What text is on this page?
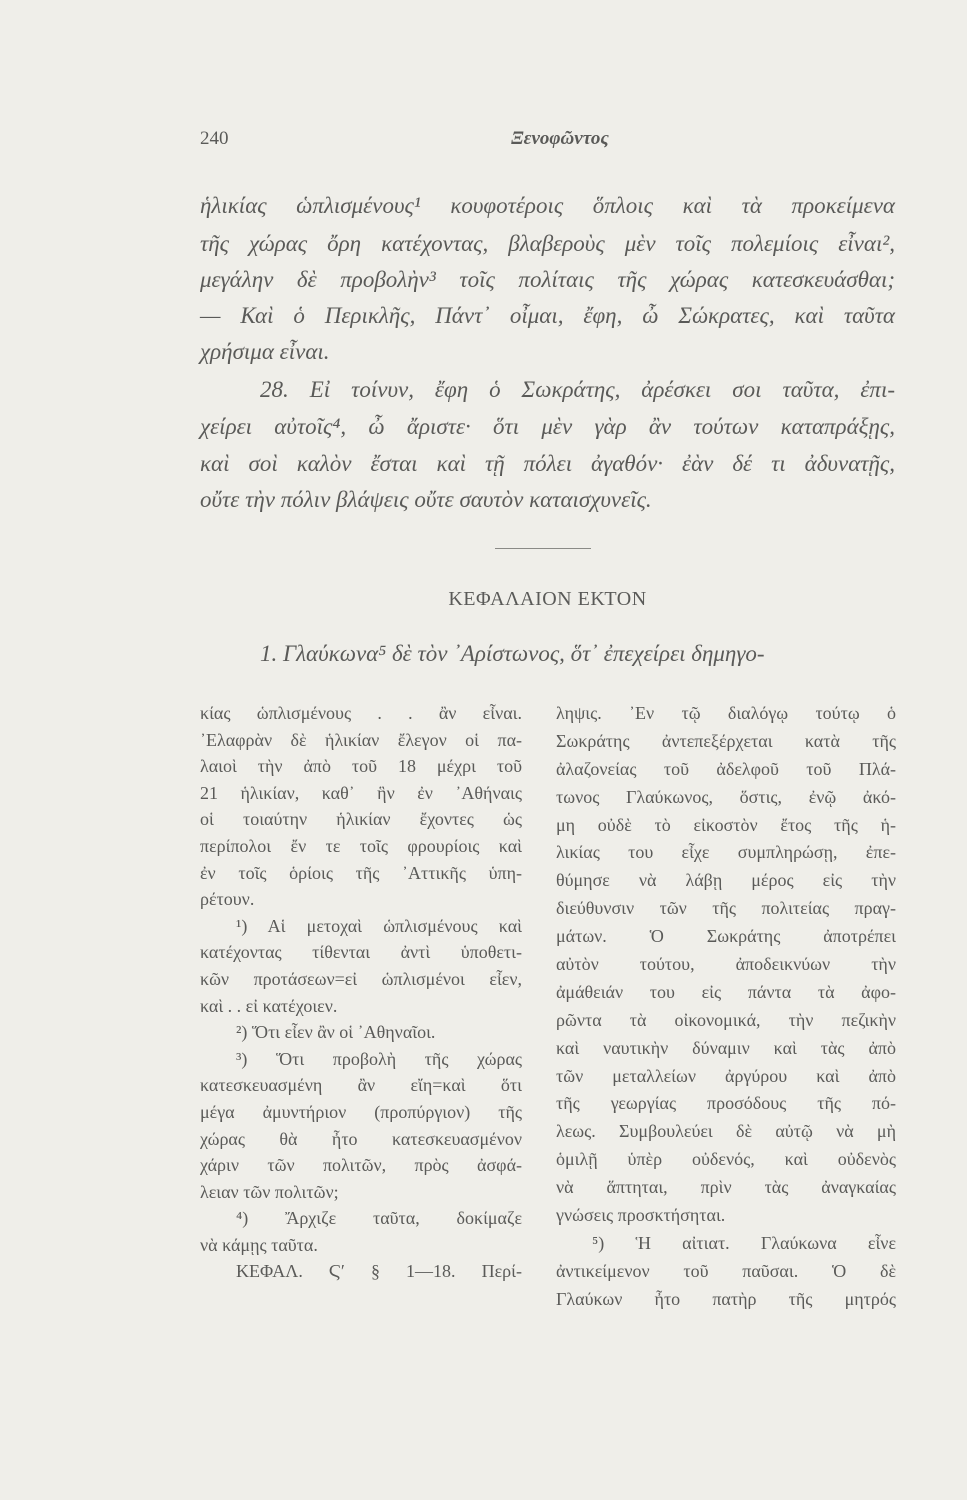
240	Ξενοφῶντος
ἡλικίας ὡπλισμένους¹ κουφοτέροις ὅπλοις καὶ τὰ προκείμενα
τῆς χώρας ὄρη κατέχοντας, βλαβεροὺς μὲν τοῖς πολεμίοις εἶναι²,
μεγάλην δὲ προβολὴν³ τοῖς πολίταις τῆς χώρας κατεσκευάσθαι;
— Καὶ ὁ Περικλῆς, Πάντ᾿ οἶμαι, ἔφη, ὦ Σώκρατες, καὶ ταῦτα
χρήσιμα εἶναι.
28. Εἰ τοίνυν, ἔφη ὁ Σωκράτης, ἀρέσκει σοι ταῦτα, ἐπι-
χείρει αὐτοῖς⁴, ὦ ἄριστε· ὅτι μὲν γὰρ ἂν τούτων καταπράξῃς,
καὶ σοὶ καλὸν ἔσται καὶ τῇ πόλει ἀγαθόν· ἐὰν δέ τι ἀδυνατῇς,
οὔτε τὴν πόλιν βλάψεις οὔτε σαυτὸν καταισχυνεῖς.
ΚΕΦΑΛΑΙΟΝ ΕΚΤΟΝ
1. Γλαύκωνα⁵ δὲ τὸν ᾿Αρίστωνος, ὅτ᾿ ἐπεχείρει δημηγο-
κίας ὡπλισμένους . . ἂν εἶναι.
᾿Ελαφρὰν δὲ ἡλικίαν ἔλεγον οἱ πα-
λαιοὶ τὴν ἀπὸ τοῦ 18 μέχρι τοῦ
21 ἡλικίαν, καθ᾿ ἣν ἐν ᾿Αθήναις
οἱ τοιαύτην ἡλικίαν ἔχοντες ὡς
περίπολοι ἔν τε τοῖς φρουρίοις καὶ
ἐν τοῖς ὁρίοις τῆς ᾿Αττικῆς ὑπη-
ρέτουν.
¹) Αἱ μετοχαὶ ὡπλισμένους καὶ
κατέχοντας τίθενται ἀντὶ ὑποθετι-
κῶν προτάσεων=εἰ ὡπλισμένοι εἶεν,
καὶ . . εἰ κατέχοιεν.
²) Ὅτι εἶεν ἂν οἱ ᾿Αθηναῖοι.
³) Ὅτι προβολὴ τῆς χώρας
κατεσκευασμένη ἂν εἴη=καὶ ὅτι
μέγα ἀμυντήριον (προπύργιον) τῆς
χώρας θὰ ἦτο κατεσκευασμένον
χάριν τῶν πολιτῶν, πρὸς ἀσφά-
λειαν τῶν πολιτῶν;
⁴) Ἄρχιζε ταῦτα, δοκίμαζε
νὰ κάμῃς ταῦτα.
ΚΕΦΑΛ. Ϛ′ § 1—18. Περί-
ληψις. ᾿Εν τῷ διαλόγῳ τούτῳ ὁ
Σωκράτης ἀντεπεξέρχεται κατὰ τῆς
ἀλαζονείας τοῦ ἀδελφοῦ τοῦ Πλά-
τωνος Γλαύκωνος, ὅστις, ἐνῷ ἀκό-
μη οὐδὲ τὸ εἰκοστὸν ἔτος τῆς ἡ-
λικίας του εἶχε συμπληρώσῃ, ἐπε-
θύμησε νὰ λάβῃ μέρος εἰς τὴν
διεύθυνσιν τῶν τῆς πολιτείας πραγ-
μάτων. Ὁ Σωκράτης ἀποτρέπει
αὐτὸν τούτου, ἀποδεικνύων τὴν
ἀμάθειάν του εἰς πάντα τὰ ἀφο-
ρῶντα τὰ οἰκονομικά, τὴν πεζικὴν
καὶ ναυτικὴν δύναμιν καὶ τὰς ἀπὸ
τῶν μεταλλείων ἀργύρου καὶ ἀπὸ
τῆς γεωργίας προσόδους τῆς πό-
λεως. Συμβουλεύει δὲ αὐτῷ νὰ μὴ
ὁμιλῇ ὑπὲρ οὐδενός, καὶ οὐδενὸς
νὰ ἅπτηται, πρὶν τὰς ἀναγκαίας
γνώσεις προσκτήσηται.
⁵) Ἡ αἰτιατ. Γλαύκωνα εἶνε
ἀντικείμενον τοῦ παῦσαι. Ὁ δὲ
Γλαύκων ἦτο πατὴρ τῆς μητρός
